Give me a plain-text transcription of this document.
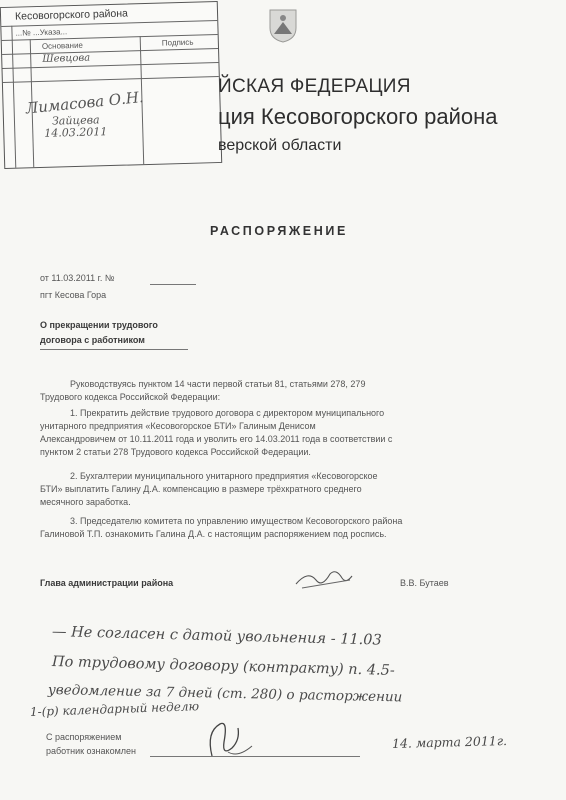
Кесовогорского района
...№ ...Указа...
Основание	Подпись
Шевцова
Лимасова О.Н.
Зайцева
14.03.2011
ЙСКАЯ ФЕДЕРАЦИЯ
ция Кесовогорского района
верской области
РАСПОРЯЖЕНИЕ
от 11.03.2011 г. №
пгт Кесова Гора
О прекращении трудового
договора с работником
Руководствуясь пунктом 14 части первой статьи 81, статьями 278, 279
Трудового кодекса Российской Федерации:
1. Прекратить действие трудового договора с директором муниципального
унитарного предприятия «Кесовогорское БТИ» Галиным Денисом
Александровичем от 10.11.2011 года и уволить его 14.03.2011 года в соответствии с
пунктом 2 статьи 278 Трудового кодекса Российской Федерации.
2. Бухгалтерии муниципального унитарного предприятия «Кесовогорское
БТИ» выплатить Галину Д.А. компенсацию в размере трёхкратного среднего
месячного заработка.
3. Председателю комитета по управлению имуществом Кесовогорского района
Галиновой Т.П. ознакомить Галина Д.А. с настоящим распоряжением под роспись.
Глава администрации района	В.В. Бутаев
— Не согласен с датой увольнения - 11.03
По трудовому договору (контракту) п. 4.5-
уведомление за 7 дней (ст. 280) о расторжении
1-(р) календарный неделю
С распоряжением
работник ознакомлен
14. марта 2011г.
